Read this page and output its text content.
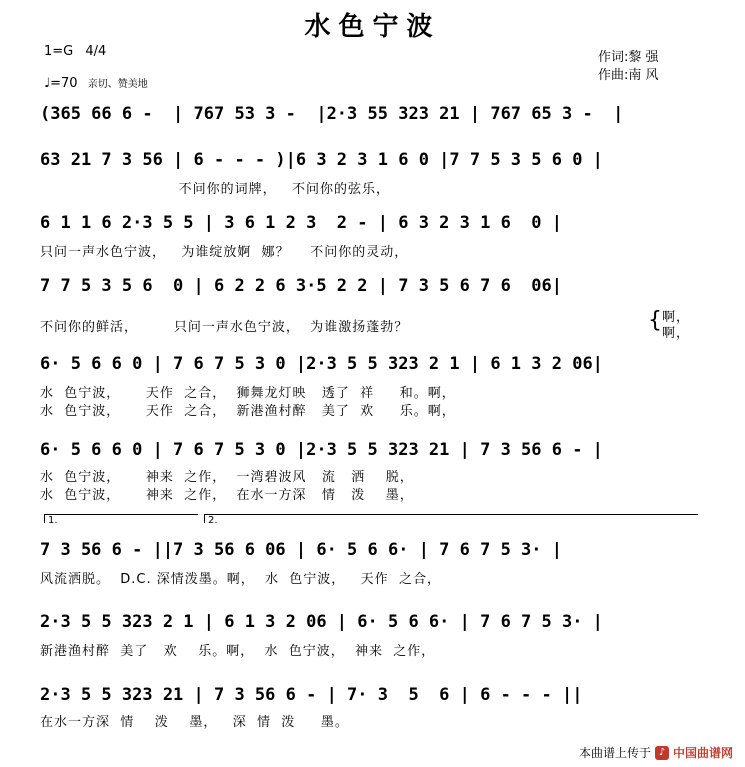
水色宁波
1=G 4/4
♩=70 亲切、赞美地
作词:黎 强
作曲:南 风
(365 66 6 -  | 767 53 3 -  |2·3 55 323 21 | 767 65 3 -  |
63 21 7 3 56 | 6 - - - )|6 3 2 3 1 6 0 |7 7 5 3 5 6 0 |
不问你的词牌，   不问你的弦乐，
6 1 1 6 2·3 5 5 | 3 6 1 2 3  2 - | 6 3 2 3 1 6  0 |
只问一声水色宁波，   为谁绽放婀  娜？    不问你的灵动，
7 7 5 3 5 6  0 | 6 2 2 6 3·5 2 2 | 7 3 5 6 7 6  06|
不问你的鲜活，       只问一声水色宁波，  为谁激扬蓬勃？	{ 啊，
啊，
6· 5 6 6 0 | 7 6 7 5 3 0 |2·3 5 5 323 2 1 | 6 1 3 2 06|
水  色宁波，     天作  之合，  狮舞龙灯映   透了  祥     和。啊，
水  色宁波，     天作  之合，  新港渔村醉   美了  欢     乐。啊，
6· 5 6 6 0 | 7 6 7 5 3 0 |2·3 5 5 323 21 | 7 3 56 6 - |
水  色宁波，     神来  之作，  一湾碧波风   流   洒    脱，
水  色宁波，     神来  之作，  在水一方深   情   泼    墨，
1.	2.
7 3 56 6 - ||7 3 56 6 06 | 6· 5 6 6· | 7 6 7 5 3· |
风流洒脱。  D.C. 深情泼墨。啊，  水  色宁波，   天作  之合，
2·3 5 5 323 2 1 | 6 1 3 2 06 | 6· 5 6 6· | 7 6 7 5 3· |
新港渔村醉  美了   欢    乐。啊，  水  色宁波，  神来  之作，
2·3 5 5 323 21 | 7 3 56 6 - | 7· 3  5  6 | 6 - - - ||
在水一方深  情    泼    墨，   深  情  泼     墨。
本曲谱上传于 ♪ 中国曲谱网
